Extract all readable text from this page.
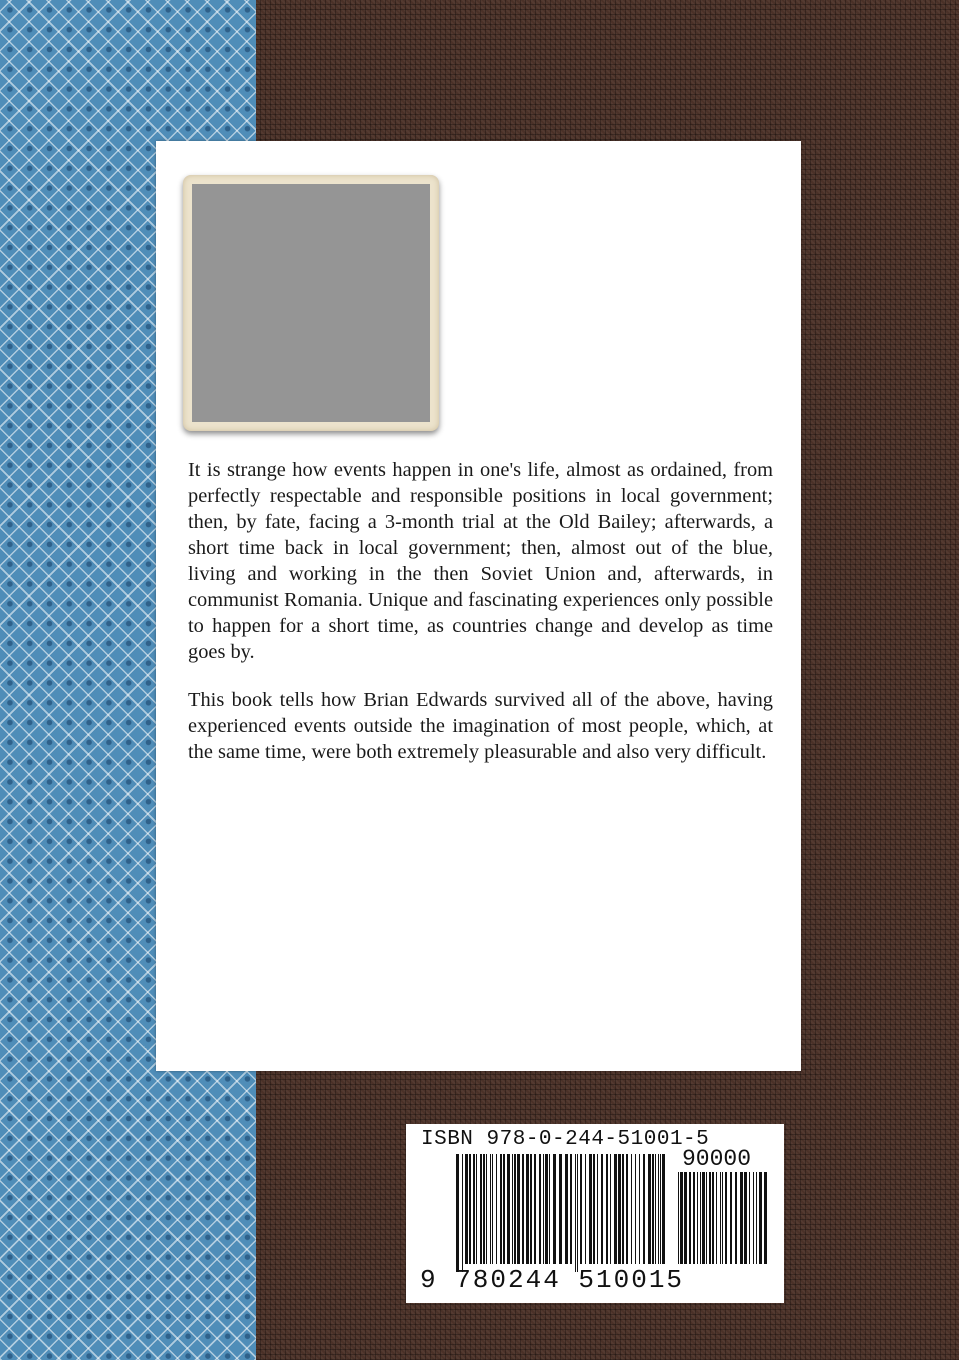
It is strange how events happen in one's life, almost as ordained, from perfectly respectable and responsible positions in local government; then, by fate, facing a 3-month trial at the Old Bailey; afterwards, a short time back in local government; then, almost out of the blue, living and working in the then Soviet Union and, afterwards, in communist Romania. Unique and fascinating experiences only possible to happen for a short time, as countries change and develop as time goes by.

This book tells how Brian Edwards survived all of the above, having experienced events outside the imagination of most people, which, at the same time, were both extremely pleasurable and also very difficult.

ISBN 978-0-244-51001-5
90000
9 780244 510015
